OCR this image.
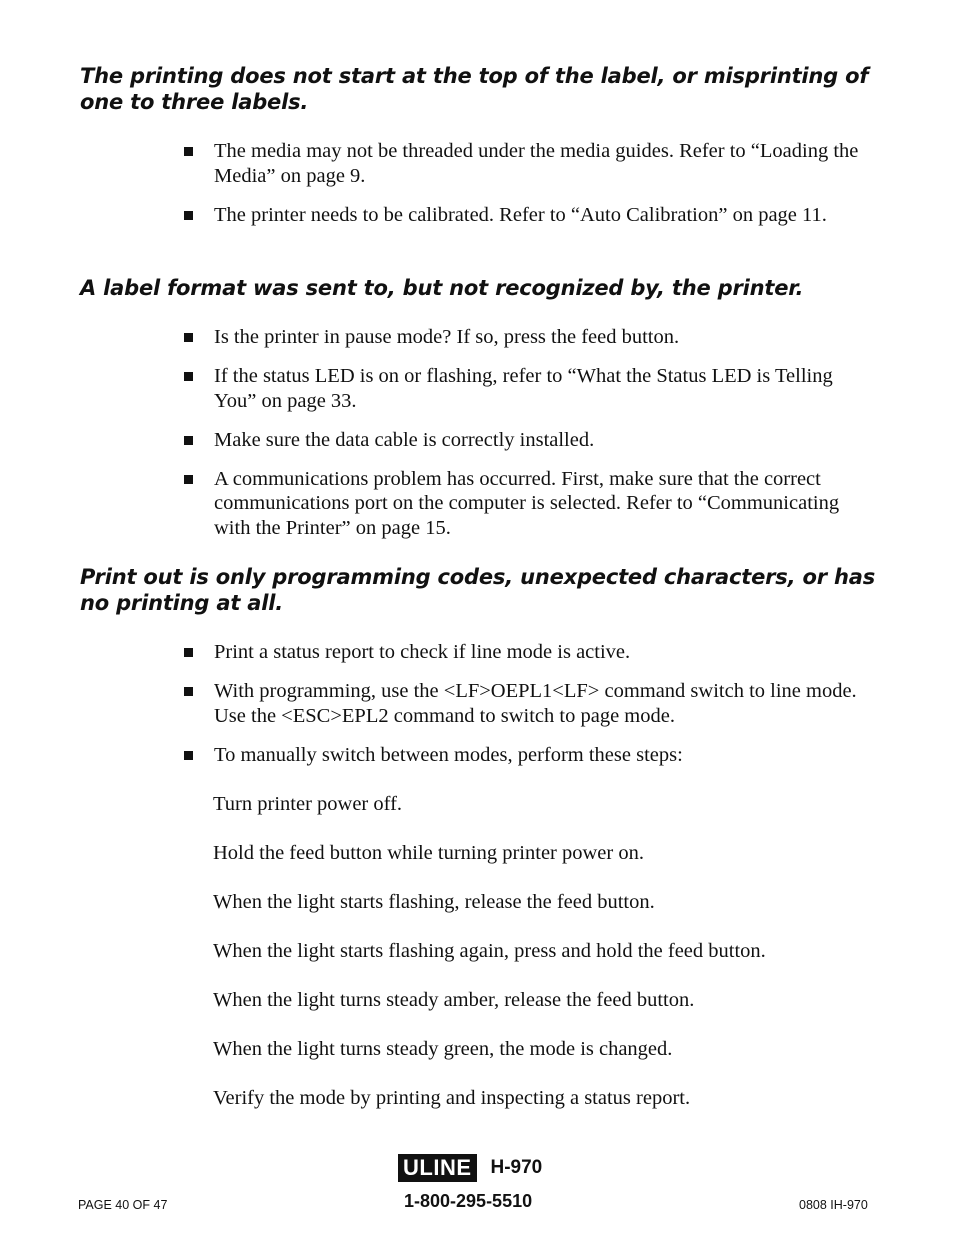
The printing does not start at the top of the label, or misprinting of one to three labels.
The media may not be threaded under the media guides. Refer to “Loading the Media” on page 9.
The printer needs to be calibrated. Refer to “Auto Calibration” on page 11.
A label format was sent to, but not recognized by, the printer.
Is the printer in pause mode? If so, press the feed button.
If the status LED is on or flashing, refer to “What the Status LED is Telling You” on page 33.
Make sure the data cable is correctly installed.
A communications problem has occurred. First, make sure that the correct communications port on the computer is selected. Refer to “Communicating with the Printer” on page 15.
Print out is only programming codes, unexpected characters, or has no printing at all.
Print a status report to check if line mode is active.
With programming, use the <LF>OEPL1<LF> command switch to line mode. Use the <ESC>EPL2 command to switch to page mode.
To manually switch between modes, perform these steps:
Turn printer power off.
Hold the feed button while turning printer power on.
When the light starts flashing, release the feed button.
When the light starts flashing again, press and hold the feed button.
When the light turns steady amber, release the feed button.
When the light turns steady green, the mode is changed.
Verify the mode by printing and inspecting a status report.
ULINE H-970
1-800-295-5510
PAGE 40 OF 47	0808 IH-970
